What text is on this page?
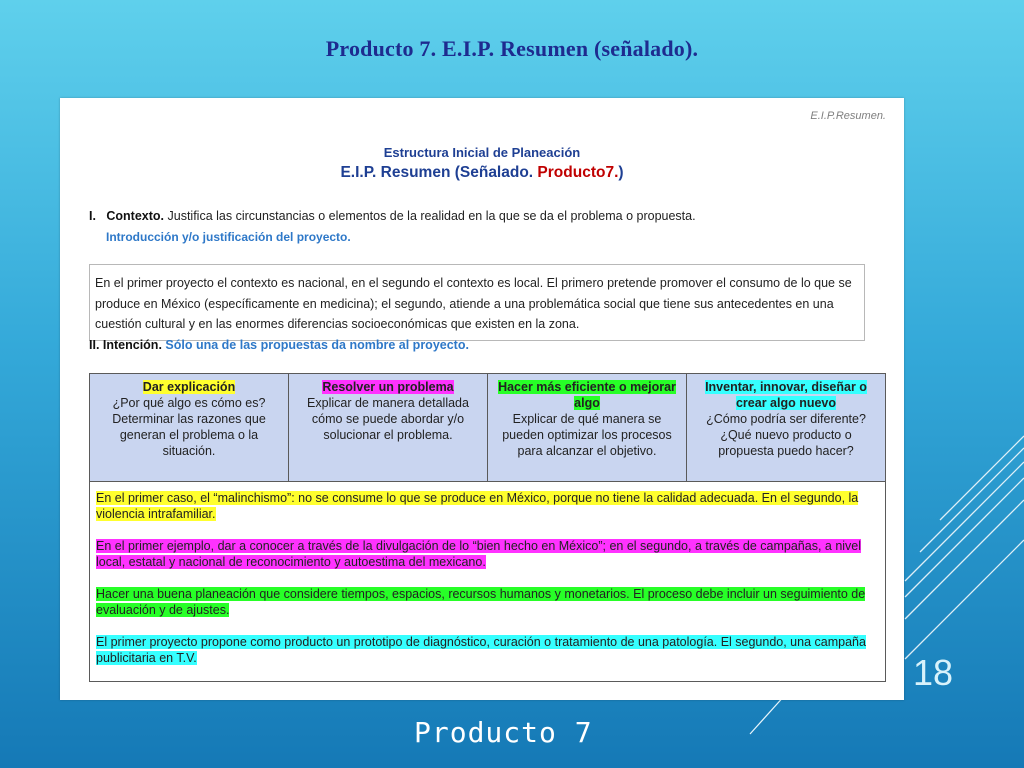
Producto 7. E.I.P. Resumen (señalado).
E.I.P.Resumen.
Estructura Inicial de Planeación
E.I.P. Resumen (Señalado. Producto7.)
I. Contexto. Justifica las circunstancias o elementos de la realidad en la que se da el problema o propuesta.
Introducción y/o justificación del proyecto.
En el primer proyecto el contexto es nacional, en el segundo el contexto es local. El primero pretende promover el consumo de lo que se produce en México (específicamente en medicina); el segundo, atiende a una problemática social que tiene sus antecedentes en una cuestión cultural y en las enormes diferencias socioeconómicas que existen en la zona.
II. Intención. Sólo una de las propuestas da nombre al proyecto.
Dar explicación
¿Por qué algo es cómo es? Determinar las razones que generan el problema o la situación.
Resolver un problema
Explicar de manera detallada cómo se puede abordar y/o solucionar el problema.
Hacer más eficiente o mejorar algo
Explicar de qué manera se pueden optimizar los procesos para alcanzar el objetivo.
Inventar, innovar, diseñar o crear algo nuevo
¿Cómo podría ser diferente? ¿Qué nuevo producto o propuesta puedo hacer?

En el primer caso, el “malinchismo”: no se consume lo que se produce en México, porque no tiene la calidad adecuada. En el segundo, la violencia intrafamiliar.

En el primer ejemplo, dar a conocer a través de la divulgación de lo “bien hecho en México”; en el segundo, a través de campañas, a nivel local, estatal y nacional de reconocimiento y autoestima del mexicano.

Hacer una buena planeación que considere tiempos, espacios, recursos humanos y monetarios. El proceso debe incluir un seguimiento de evaluación y de ajustes.

El primer proyecto propone como producto un prototipo de diagnóstico, curación o tratamiento de una patología. El segundo, una campaña publicitaria en T.V.	18
Producto 7
